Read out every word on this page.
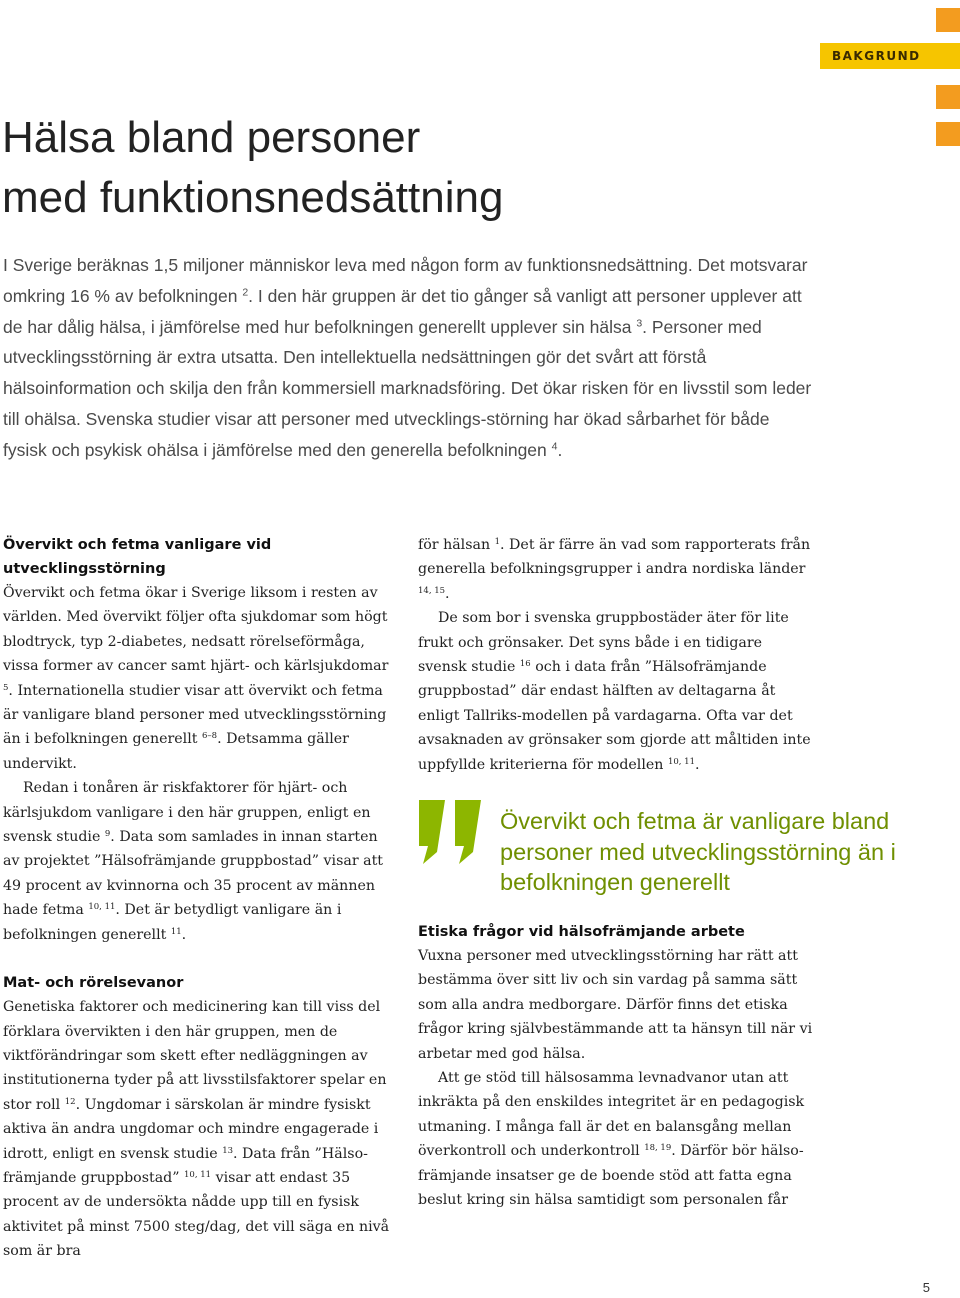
BAKGRUND
Hälsa bland personer
med funktionsnedsättning

I Sverige beräknas 1,5 miljoner människor leva med någon form av funktionsnedsättning. Det motsvarar omkring 16 % av befolkningen $^2$. I den här gruppen är det tio gånger så vanligt att personer upplever att de har dålig hälsa, i jämförelse med hur befolkningen generellt upplever sin hälsa $^3$. Personer med utvecklingsstörning är extra utsatta. Den intellektuella nedsättningen gör det svårt att förstå hälsoinformation och skilja den från kommersiell marknadsföring. Det ökar risken för en livsstil som leder till ohälsa. Svenska studier visar att personer med utvecklings-störning har ökad sårbarhet för både fysisk och psykisk ohälsa i jämförelse med den generella befolkningen $^4$.

Övervikt och fetma vanligare vid utvecklingsstörning

Övervikt och fetma ökar i Sverige liksom i resten av världen. Med övervikt följer ofta sjukdomar som högt blodtryck, typ 2-diabetes, nedsatt rörelseförmåga, vissa former av cancer samt hjärt- och kärlsjukdomar $^5$. Internationella studier visar att övervikt och fetma är vanligare bland personer med utvecklingsstörning än i befolkningen generellt $^{6-8}$. Detsamma gäller undervikt.

Redan i tonåren är riskfaktorer för hjärt- och kärlsjukdom vanligare i den här gruppen, enligt en svensk studie $^9$. Data som samlades in innan starten av projektet ”Hälsofrämjande gruppbostad” visar att 49 procent av kvinnorna och 35 procent av männen hade fetma $^{10, 11}$. Det är betydligt vanligare än i befolkningen generellt $^{11}$.

Mat- och rörelsevanor

Genetiska faktorer och medicinering kan till viss del förklara övervikten i den här gruppen, men de viktförändringar som skett efter nedläggningen av institutionerna tyder på att livsstilsfaktorer spelar en stor roll $^{12}$. Ungdomar i särskolan är mindre fysiskt aktiva än andra ungdomar och mindre engagerade i idrott, enligt en svensk studie $^{13}$. Data från ”Hälso-främjande gruppbostad” $^{10, 11}$ visar att endast 35 procent av de undersökta nådde upp till en fysisk aktivitet på minst 7500 steg/dag, det vill säga en nivå som är bra

för hälsan $^1$. Det är färre än vad som rapporterats från generella befolkningsgrupper i andra nordiska länder $^{14, 15}$.

De som bor i svenska gruppbostäder äter för lite frukt och grönsaker. Det syns både i en tidigare svensk studie $^{16}$ och i data från ”Hälsofrämjande gruppbostad” där endast hälften av deltagarna åt enligt Tallriks-modellen på vardagarna. Ofta var det avsaknaden av grönsaker som gjorde att måltiden inte uppfyllde kriterierna för modellen $^{10, 11}$.

Övervikt och fetma är vanligare bland personer med utvecklingsstörning än i befolkningen generellt

Etiska frågor vid hälsofrämjande arbete

Vuxna personer med utvecklingsstörning har rätt att bestämma över sitt liv och sin vardag på samma sätt som alla andra medborgare. Därför finns det etiska frågor kring självbestämmande att ta hänsyn till när vi arbetar med god hälsa.

Att ge stöd till hälsosamma levnadvanor utan att inkräkta på den enskildes integritet är en pedagogisk utmaning. I många fall är det en balansgång mellan överkontroll och underkontroll $^{18, 19}$. Därför bör hälso-främjande insatser ge de boende stöd att fatta egna beslut kring sin hälsa samtidigt som personalen får

5
